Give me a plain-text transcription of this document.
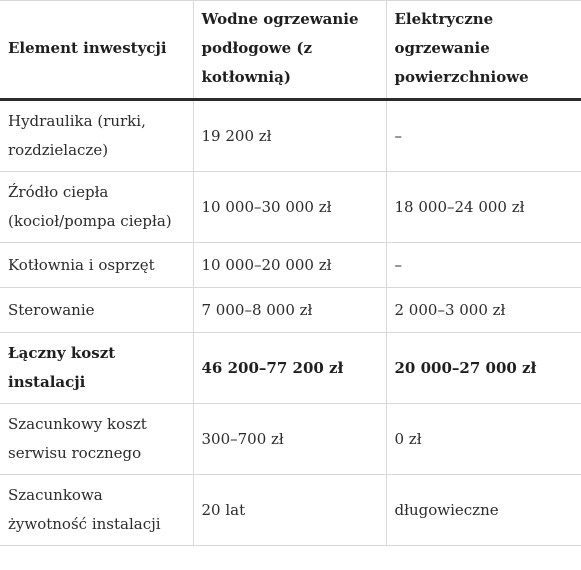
Element inwestycji	Wodne ogrzewanie podłogowe (z kotłownią)	Elektryczne ogrzewanie powierzchniowe
Hydraulika (rurki, rozdzielacze)	19 200 zł	–
Źródło ciepła (kocioł/pompa ciepła)	10 000–30 000 zł	18 000–24 000 zł
Kotłownia i osprzęt	10 000–20 000 zł	–
Sterowanie	7 000–8 000 zł	2 000–3 000 zł
Łączny koszt instalacji	46 200–77 200 zł	20 000–27 000 zł
Szacunkowy koszt serwisu rocznego	300–700 zł	0 zł
Szacunkowa żywotność instalacji	20 lat	długowieczne
